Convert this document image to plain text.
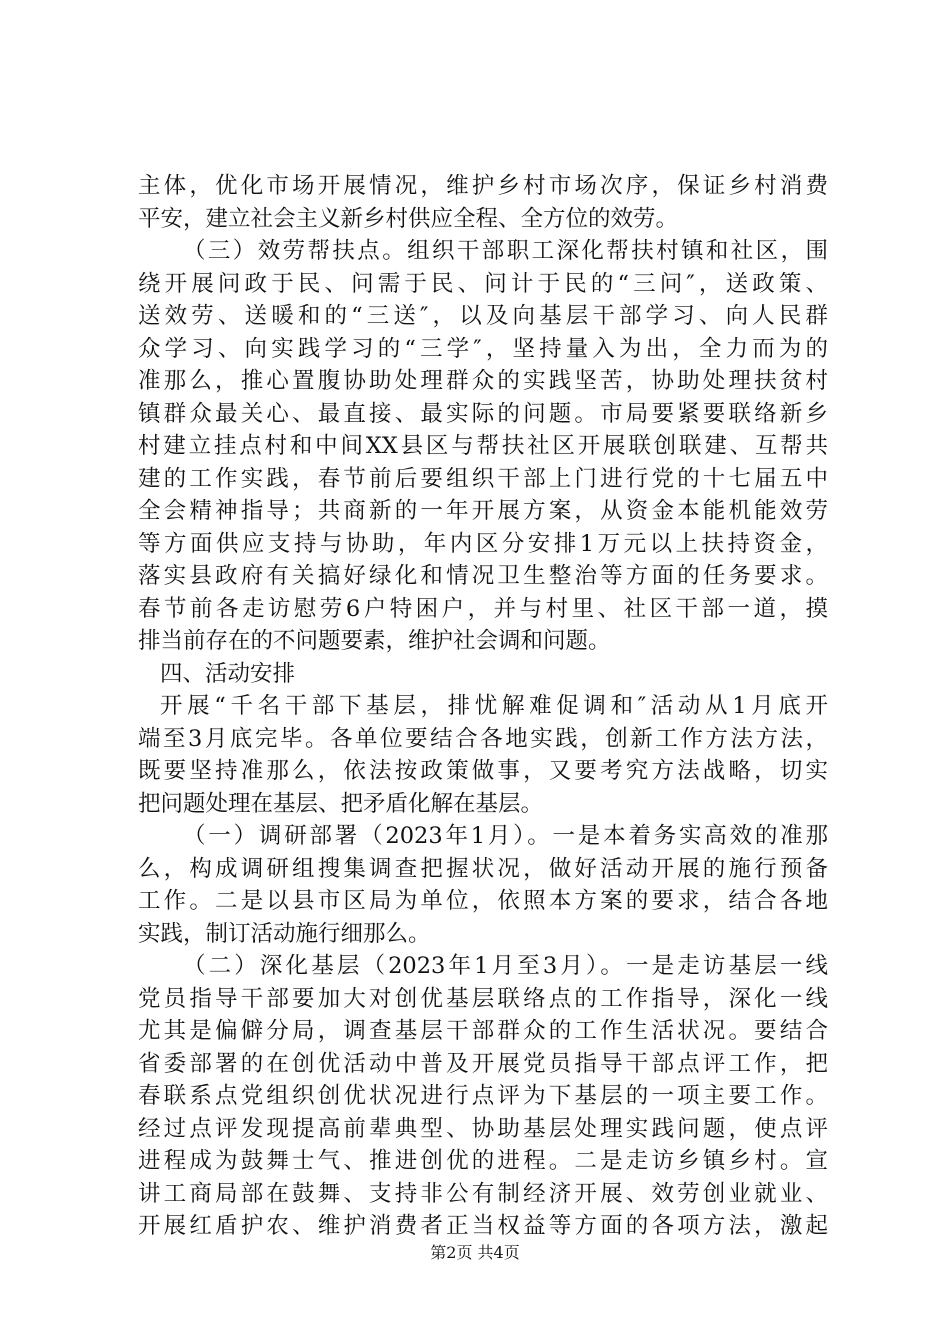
主体，优化市场开展情况，维护乡村市场次序，保证乡村消费
平安，建立社会主义新乡村供应全程、全方位的效劳。
（三）效劳帮扶点。组织干部职工深化帮扶村镇和社区，围
绕开展问政于民、问需于民、问计于民的“三问″，送政策、
送效劳、送暖和的“三送″，以及向基层干部学习、向人民群
众学习、向实践学习的“三学″，坚持量入为出，全力而为的
准那么，推心置腹协助处理群众的实践坚苦，协助处理扶贫村
镇群众最关心、最直接、最实际的问题。市局要紧要联络新乡
村建立挂点村和中间XX县区与帮扶社区开展联创联建、互帮共
建的工作实践，春节前后要组织干部上门进行党的十七届五中
全会精神指导；共商新的一年开展方案，从资金本能机能效劳
等方面供应支持与协助，年内区分安排1万元以上扶持资金，
落实县政府有关搞好绿化和情况卫生整治等方面的任务要求。
春节前各走访慰劳6户特困户，并与村里、社区干部一道，摸
排当前存在的不问题要素，维护社会调和问题。
四、活动安排
开展“千名干部下基层，排忧解难促调和″活动从1月底开
端至3月底完毕。各单位要结合各地实践，创新工作方法方法，
既要坚持准那么，依法按政策做事，又要考究方法战略，切实
把问题处理在基层、把矛盾化解在基层。
（一）调研部署（2023年1月）。一是本着务实高效的准那
么，构成调研组搜集调查把握状况，做好活动开展的施行预备
工作。二是以县市区局为单位，依照本方案的要求，结合各地
实践，制订活动施行细那么。
（二）深化基层（2023年1月至3月）。一是走访基层一线
党员指导干部要加大对创优基层联络点的工作指导，深化一线
尤其是偏僻分局，调查基层干部群众的工作生活状况。要结合
省委部署的在创优活动中普及开展党员指导干部点评工作，把
春联系点党组织创优状况进行点评为下基层的一项主要工作。
经过点评发现提高前辈典型、协助基层处理实践问题，使点评
进程成为鼓舞士气、推进创优的进程。二是走访乡镇乡村。宣
讲工商局部在鼓舞、支持非公有制经济开展、效劳创业就业、
开展红盾护农、维护消费者正当权益等方面的各项方法，激起
第2页 共4页
